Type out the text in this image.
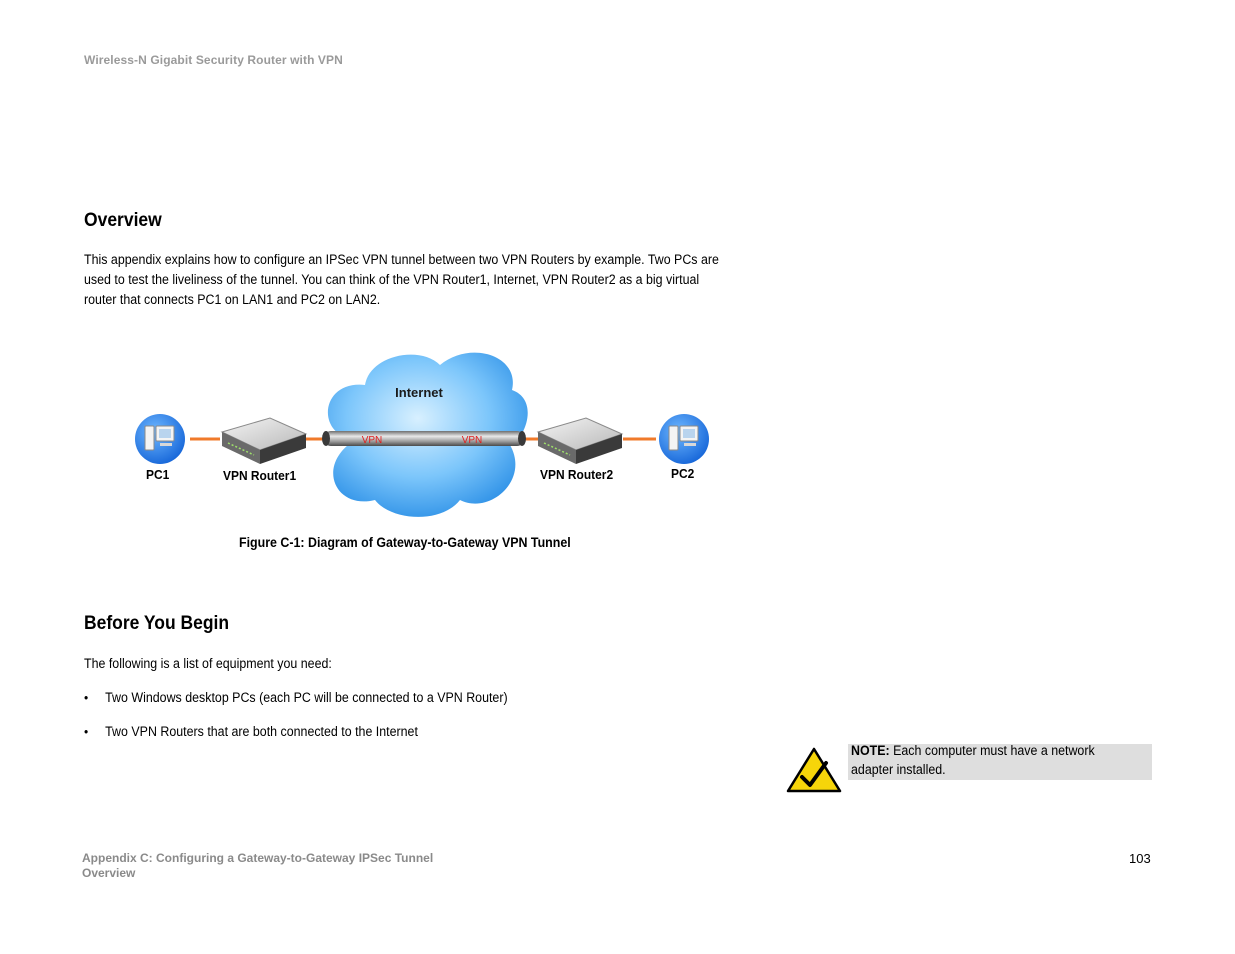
Wireless-N Gigabit Security Router with VPN
Overview
This appendix explains how to configure an IPSec VPN tunnel between two VPN Routers by example. Two PCs are
used to test the liveliness of the tunnel. You can think of the VPN Router1, Internet, VPN Router2 as a big virtual
router that connects PC1 on LAN1 and PC2 on LAN2.
Internet
VPN	VPN
PC1	VPN Router1	VPN Router2	PC2
Figure C-1: Diagram of Gateway-to-Gateway VPN Tunnel
Before You Begin
The following is a list of equipment you need:
• Two Windows desktop PCs (each PC will be connected to a VPN Router)
• Two VPN Routers that are both connected to the Internet
NOTE: Each computer must have a network adapter installed.
Appendix C: Configuring a Gateway-to-Gateway IPSec Tunnel
Overview
103
